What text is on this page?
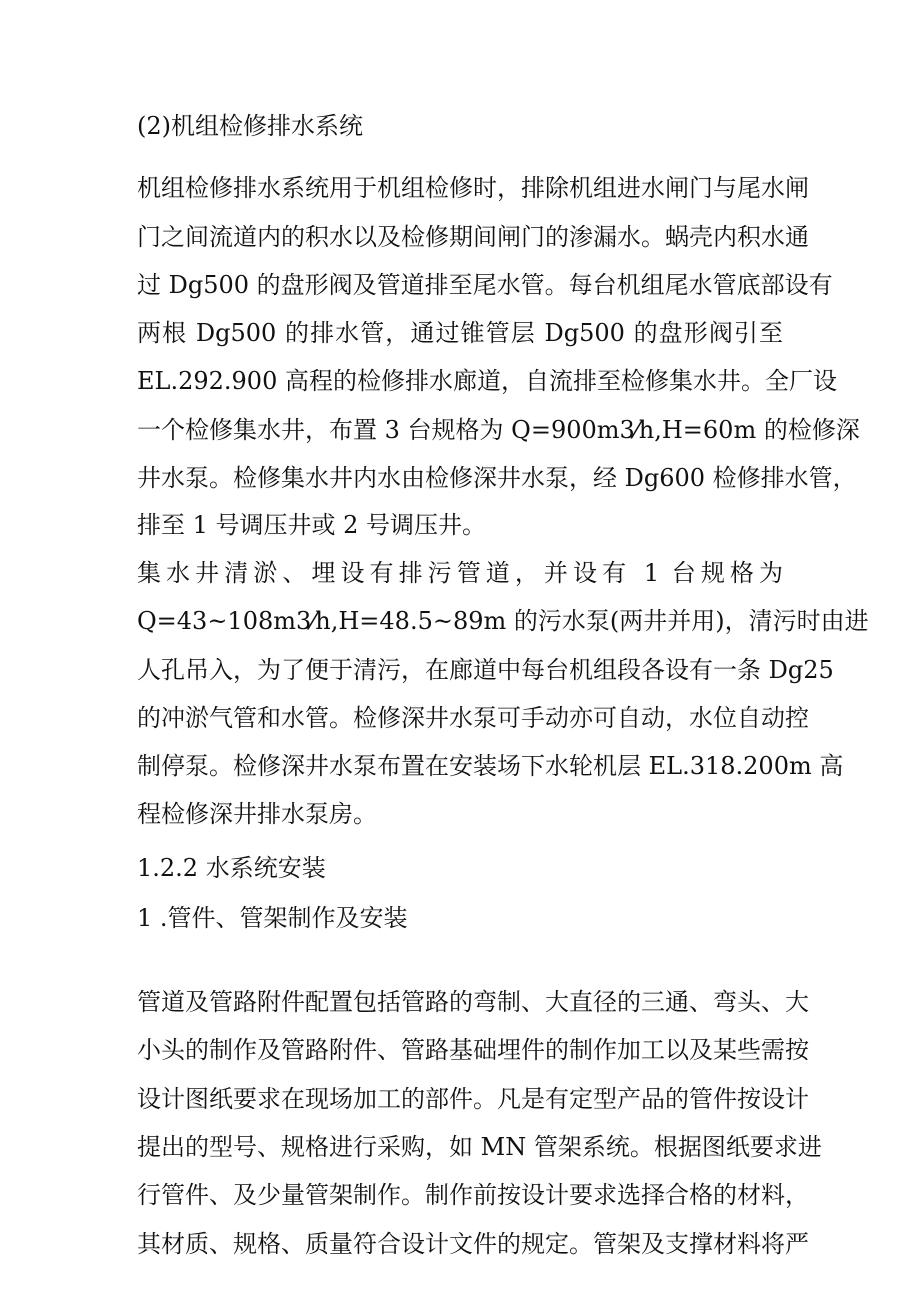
(2)机组检修排水系统
机组检修排水系统用于机组检修时，排除机组进水闸门与尾水闸
门之间流道内的积水以及检修期间闸门的渗漏水。蜗壳内积水通
过 Dg500 的盘形阀及管道排至尾水管。每台机组尾水管底部设有
两根 Dg500 的排水管，通过锥管层 Dg500 的盘形阀引至
EL.292.900 高程的检修排水廊道，自流排至检修集水井。全厂设
一个检修集水井，布置 3 台规格为 Q=900m3⁄h,H=60m 的检修深
井水泵。检修集水井内水由检修深井水泵，经 Dg600 检修排水管，
排至 1 号调压井或 2 号调压井。
集水井清淤、埋设有排污管道，并设有 1 台规格为
Q=43~108m3⁄h,H=48.5~89m 的污水泵(两井并用)，清污时由进
人孔吊入，为了便于清污，在廊道中每台机组段各设有一条 Dg25
的冲淤气管和水管。检修深井水泵可手动亦可自动，水位自动控
制停泵。检修深井水泵布置在安装场下水轮机层 EL.318.200m 高
程检修深井排水泵房。
1.2.2 水系统安装
1 .管件、管架制作及安装
管道及管路附件配置包括管路的弯制、大直径的三通、弯头、大
小头的制作及管路附件、管路基础埋件的制作加工以及某些需按
设计图纸要求在现场加工的部件。凡是有定型产品的管件按设计
提出的型号、规格进行采购，如 MN 管架系统。根据图纸要求进
行管件、及少量管架制作。制作前按设计要求选择合格的材料，
其材质、规格、质量符合设计文件的规定。管架及支撑材料将严
